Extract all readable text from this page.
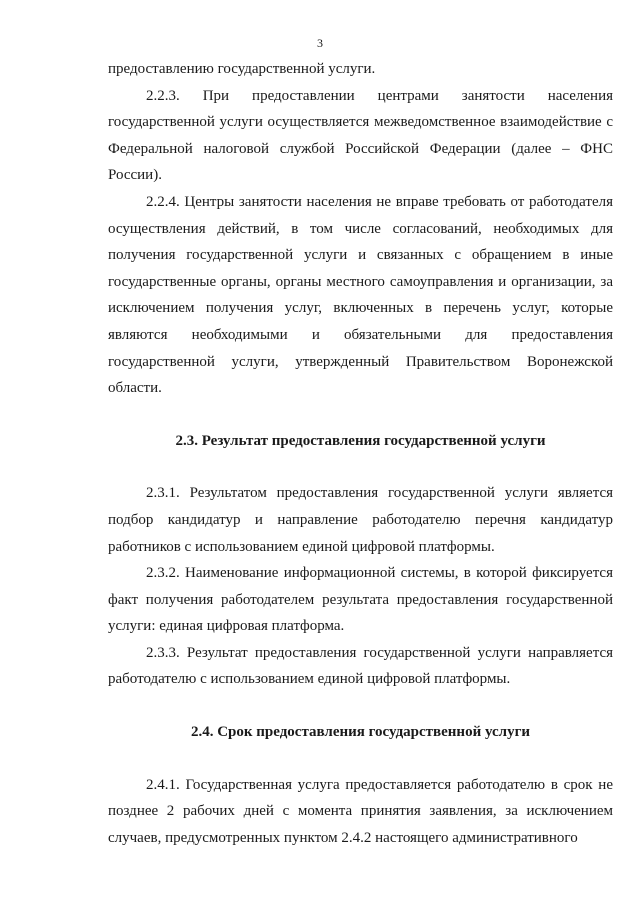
3

предоставлению государственной услуги.

2.2.3. При предоставлении центрами занятости населения государственной услуги осуществляется межведомственное взаимодействие с Федеральной налоговой службой Российской Федерации (далее – ФНС России).

2.2.4. Центры занятости населения не вправе требовать от работодателя осуществления действий, в том числе согласований, необходимых для получения государственной услуги и связанных с обращением в иные государственные органы, органы местного самоуправления и организации, за исключением получения услуг, включенных в перечень услуг, которые являются необходимыми и обязательными для предоставления государственной услуги, утвержденный Правительством Воронежской области.

2.3. Результат предоставления государственной услуги

2.3.1. Результатом предоставления государственной услуги является подбор кандидатур и направление работодателю перечня кандидатур работников с использованием единой цифровой платформы.

2.3.2. Наименование информационной системы, в которой фиксируется факт получения работодателем результата предоставления государственной услуги: единая цифровая платформа.

2.3.3. Результат предоставления государственной услуги направляется работодателю с использованием единой цифровой платформы.

2.4. Срок предоставления государственной услуги

2.4.1. Государственная услуга предоставляется работодателю в срок не позднее 2 рабочих дней с момента принятия заявления, за исключением случаев, предусмотренных пунктом 2.4.2 настоящего административного
